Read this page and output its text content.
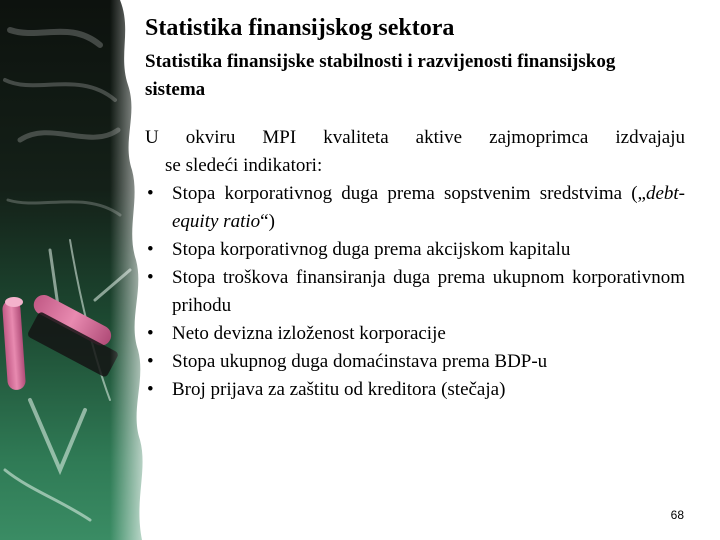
Statistika finansijskog sektora
Statistika finansijske stabilnosti i razvijenosti finansijskog sistema
U okviru MPI kvaliteta aktive zajmoprimca izdvajaju
se sledeći indikatori:
• Stopa korporativnog duga prema sopstvenim sredstvima („debt-equity ratio“)
• Stopa korporativnog duga prema akcijskom kapitalu
• Stopa troškova finansiranja duga prema ukupnom korporativnom prihodu
• Neto devizna izloženost korporacije
• Stopa ukupnog duga domaćinstava prema BDP-u
• Broj prijava za zaštitu od kreditora (stečaja)
68
